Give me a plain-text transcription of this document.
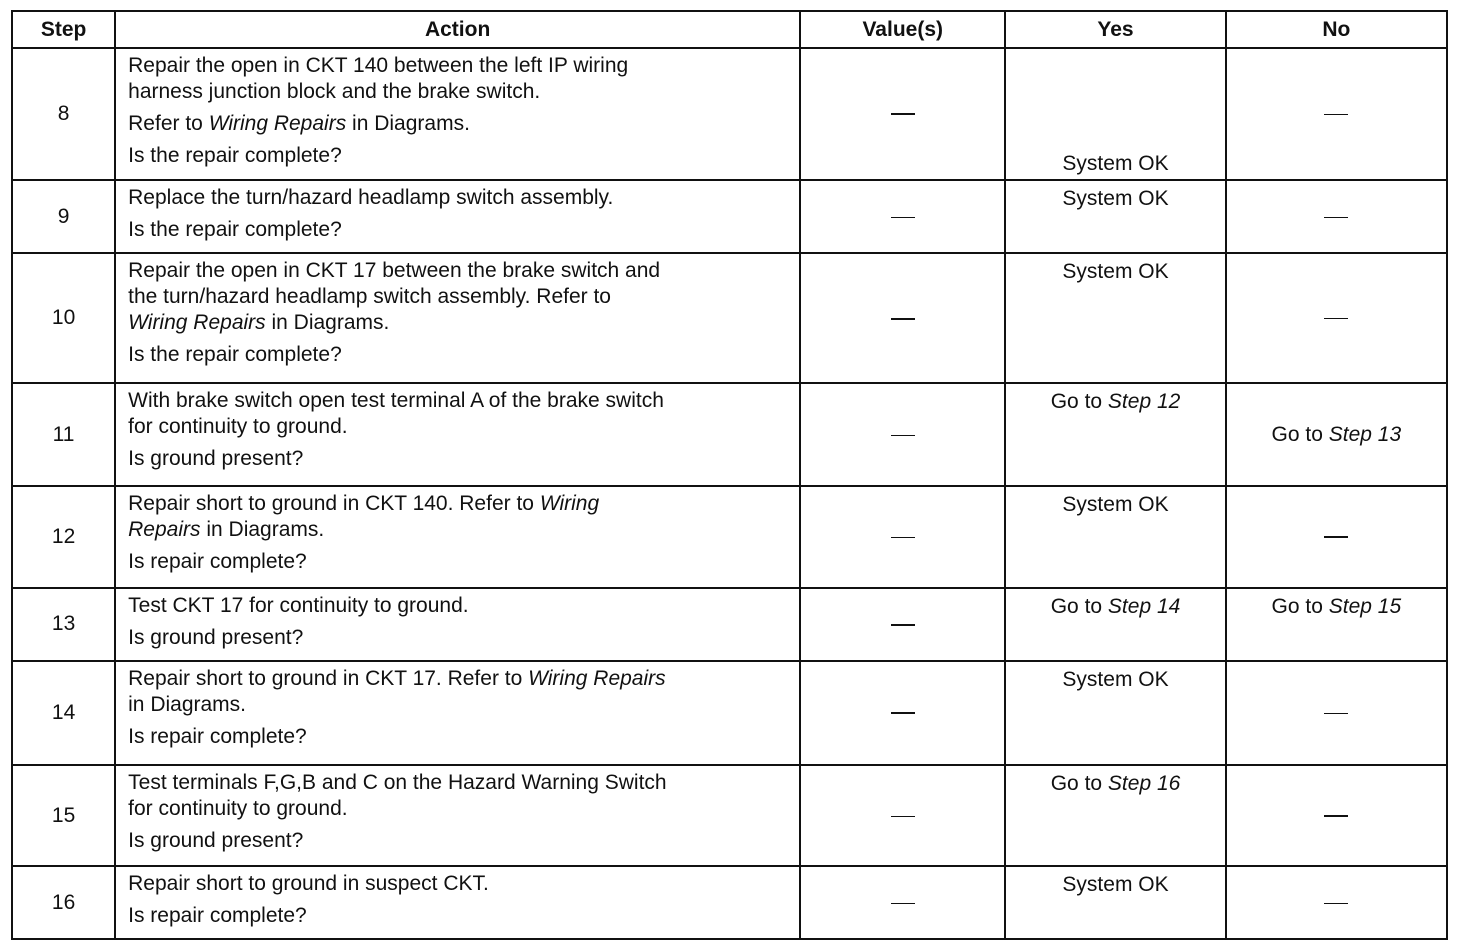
Step	Action	Value(s)	Yes	No
8	Repair the open in CKT 140 between the left IP wiring
harness junction block and the brake switch.
Refer to Wiring Repairs in Diagrams.
Is the repair complete?		System OK	
9	Replace the turn/hazard headlamp switch assembly.
Is the repair complete?		System OK	
10	Repair the open in CKT 17 between the brake switch and
the turn/hazard headlamp switch assembly. Refer to
Wiring Repairs in Diagrams.
Is the repair complete?		System OK	
11	With brake switch open test terminal A of the brake switch
for continuity to ground.
Is ground present?		Go to Step 12	Go to Step 13
12	Repair short to ground in CKT 140. Refer to Wiring
Repairs in Diagrams.
Is repair complete?		System OK	
13	Test CKT 17 for continuity to ground.
Is ground present?		Go to Step 14	Go to Step 15
14	Repair short to ground in CKT 17. Refer to Wiring Repairs
in Diagrams.
Is repair complete?		System OK	
15	Test terminals F,G,B and C on the Hazard Warning Switch
for continuity to ground.
Is ground present?		Go to Step 16	
16	Repair short to ground in suspect CKT.
Is repair complete?		System OK	
